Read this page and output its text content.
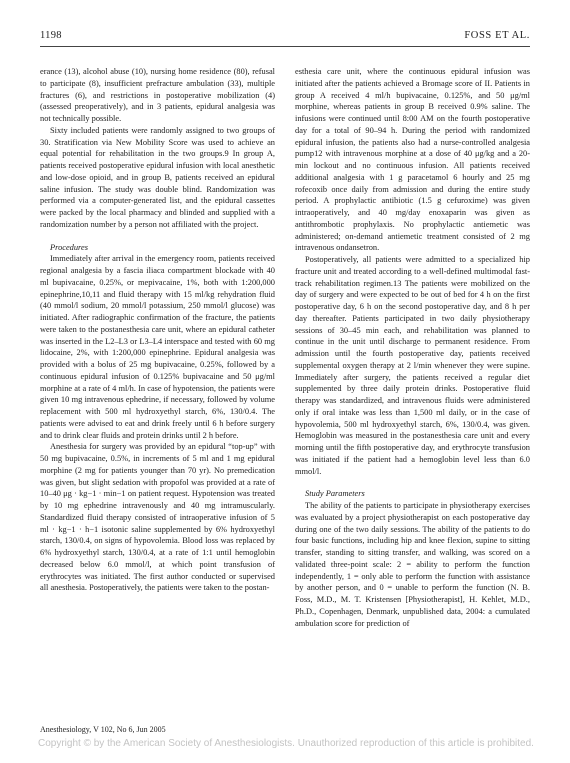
1198	FOSS ET AL.

erance (13), alcohol abuse (10), nursing home residence (80), refusal to participate (8), insufficient prefracture ambulation (33), multiple fractures (6), and restrictions in postoperative mobilization (4) (assessed preoperatively), and in 3 patients, epidural analgesia was not technically possible.

Sixty included patients were randomly assigned to two groups of 30. Stratification via New Mobility Score was used to achieve an equal potential for rehabilitation in the two groups.9 In group A, patients received postoperative epidural infusion with local anesthetic and low-dose opioid, and in group B, patients received an epidural saline infusion. The study was double blind. Randomization was performed via a computer-generated list, and the epidural cassettes were packed by the local pharmacy and blinded and supplied with a randomization number by a person not affiliated with the project.

Procedures

Immediately after arrival in the emergency room, patients received regional analgesia by a fascia iliaca compartment blockade with 40 ml bupivacaine, 0.25%, or mepivacaine, 1%, both with 1:200,000 epinephrine,10,11 and fluid therapy with 15 ml/kg rehydration fluid (40 mmol/l sodium, 20 mmol/l potassium, 250 mmol/l glucose) was initiated. After radiographic confirmation of the fracture, the patients were taken to the postanesthesia care unit, where an epidural catheter was inserted in the L2–L3 or L3–L4 interspace and tested with 60 mg lidocaine, 2%, with 1:200,000 epinephrine. Epidural analgesia was provided with a bolus of 25 mg bupivacaine, 0.25%, followed by a continuous epidural infusion of 0.125% bupivacaine and 50 μg/ml morphine at a rate of 4 ml/h. In case of hypotension, the patients were given 10 mg intravenous ephedrine, if necessary, followed by volume replacement with 500 ml hydroxyethyl starch, 6%, 130/0.4. The patients were advised to eat and drink freely until 6 h before surgery and to drink clear fluids and protein drinks until 2 h before.

Anesthesia for surgery was provided by an epidural “top-up” with 50 mg bupivacaine, 0.5%, in increments of 5 ml and 1 mg epidural morphine (2 mg for patients younger than 70 yr). No premedication was given, but slight sedation with propofol was provided at a rate of 10–40 μg · kg−1 · min−1 on patient request. Hypotension was treated by 10 mg ephedrine intravenously and 40 mg intramuscularly. Standardized fluid therapy consisted of intraoperative infusion of 5 ml · kg−1 · h−1 isotonic saline supplemented by 6% hydroxyethyl starch, 130/0.4, on signs of hypovolemia. Blood loss was replaced by 6% hydroxyethyl starch, 130/0.4, at a rate of 1:1 until hemoglobin decreased below 6.0 mmol/l, at which point transfusion of erythrocytes was initiated. The first author conducted or supervised all anesthesia. Postoperatively, the patients were taken to the postan-

esthesia care unit, where the continuous epidural infusion was initiated after the patients achieved a Bromage score of II. Patients in group A received 4 ml/h bupivacaine, 0.125%, and 50 μg/ml morphine, whereas patients in group B received 0.9% saline. The infusions were continued until 8:00 AM on the fourth postoperative day for a total of 90–94 h. During the period with randomized epidural infusion, the patients also had a nurse-controlled analgesia pump12 with intravenous morphine at a dose of 40 μg/kg and a 20-min lockout and no continuous infusion. All patients received additional analgesia with 1 g paracetamol 6 hourly and 25 mg rofecoxib once daily from admission and during the entire study period. A prophylactic antibiotic (1.5 g cefuroxime) was given intraoperatively, and 40 mg/day enoxaparin was given as antithrombotic prophylaxis. No prophylactic antiemetic was administered; on-demand antiemetic treatment consisted of 2 mg intravenous ondansetron.

Postoperatively, all patients were admitted to a specialized hip fracture unit and treated according to a well-defined multimodal fast-track rehabilitation regimen.13 The patients were mobilized on the day of surgery and were expected to be out of bed for 4 h on the first postoperative day, 6 h on the second postoperative day, and 8 h per day thereafter. Patients participated in two daily physiotherapy sessions of 30–45 min each, and rehabilitation was planned to continue in the unit until discharge to permanent residence. From admission until the fourth postoperative day, patients received supplemental oxygen therapy at 2 l/min whenever they were supine. Immediately after surgery, the patients received a regular diet supplemented by three daily protein drinks. Postoperative fluid therapy was standardized, and intravenous fluids were administered only if oral intake was less than 1,500 ml daily, or in the case of hypovolemia, 500 ml hydroxyethyl starch, 6%, 130/0.4, was given. Hemoglobin was measured in the postanesthesia care unit and every morning until the fifth postoperative day, and erythrocyte transfusion was initiated if the patient had a hemoglobin level less than 6.0 mmol/l.

Study Parameters

The ability of the patients to participate in physiotherapy exercises was evaluated by a project physiotherapist on each postoperative day during one of the two daily sessions. The ability of the patients to do four basic functions, including hip and knee flexion, supine to sitting transfer, standing to sitting transfer, and walking, was scored on a validated three-point scale: 2 = ability to perform the function independently, 1 = only able to perform the function with assistance by another person, and 0 = unable to perform the function (N. B. Foss, M.D., M. T. Kristensen [Physiotherapist], H. Kehlet, M.D., Ph.D., Copenhagen, Denmark, unpublished data, 2004: a cumulated ambulation score for prediction of

Anesthesiology, V 102, No 6, Jun 2005
Copyright © by the American Society of Anesthesiologists. Unauthorized reproduction of this article is prohibited.
